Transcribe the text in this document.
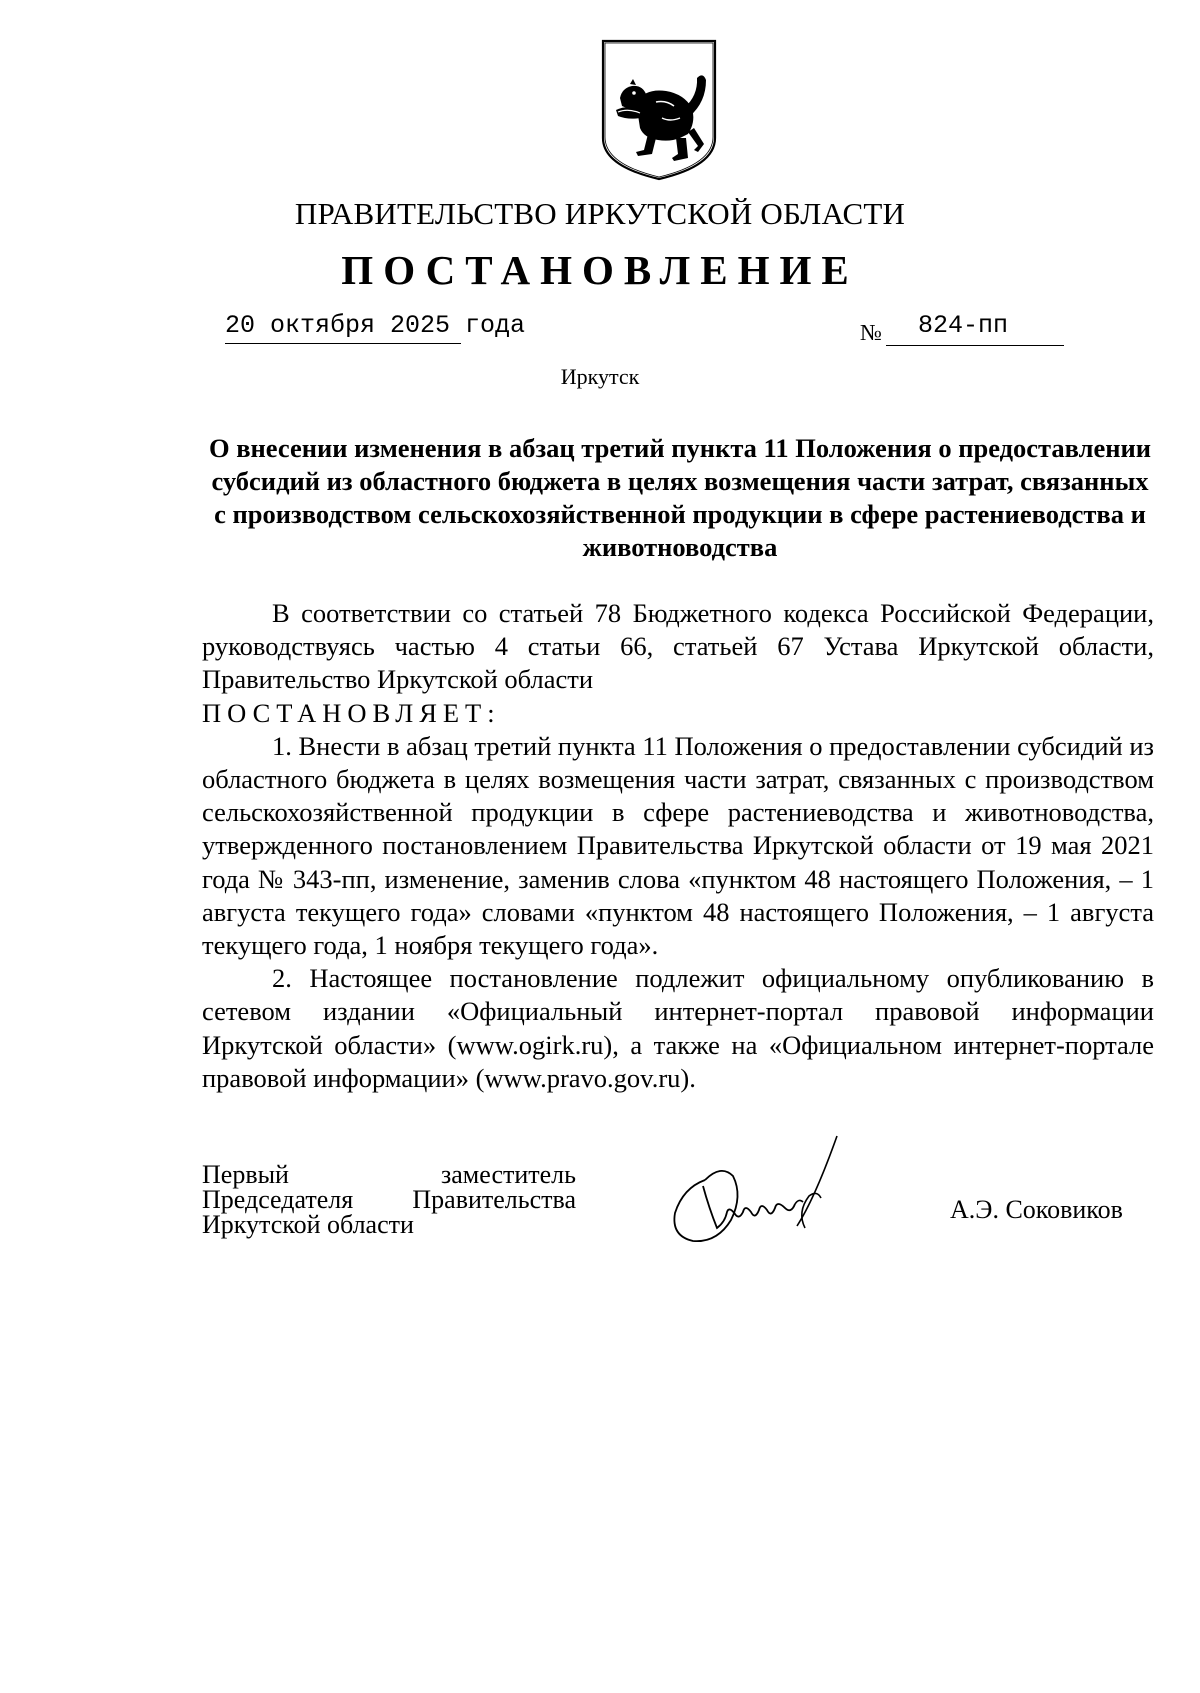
ПРАВИТЕЛЬСТВО ИРКУТСКОЙ ОБЛАСТИ
ПОСТАНОВЛЕНИЕ
20 октября 2025 года	№ 824-пп
Иркутск
О внесении изменения в абзац третий пункта 11 Положения о предоставлении субсидий из областного бюджета в целях возмещения части затрат, связанных с производством сельскохозяйственной продукции в сфере растениеводства и животноводства

В соответствии со статьей 78 Бюджетного кодекса Российской Федерации, руководствуясь частью 4 статьи 66, статьей 67 Устава Иркутской области, Правительство Иркутской области

ПОСТАНОВЛЯЕТ:

1. Внести в абзац третий пункта 11 Положения о предоставлении субсидий из областного бюджета в целях возмещения части затрат, связанных с производством сельскохозяйственной продукции в сфере растениеводства и животноводства, утвержденного постановлением Правительства Иркутской области от 19 мая 2021 года № 343-пп, изменение, заменив слова «пунктом 48 настоящего Положения, – 1 августа текущего года» словами «пунктом 48 настоящего Положения, – 1 августа текущего года, 1 ноября текущего года».

2. Настоящее постановление подлежит официальному опубликованию в сетевом издании «Официальный интернет-портал правовой информации Иркутской области» (www.ogirk.ru), а также на «Официальном интернет-портале правовой информации» (www.pravo.gov.ru).

Первый заместитель
Председателя Правительства
Иркутской области
А.Э. Соковиков
